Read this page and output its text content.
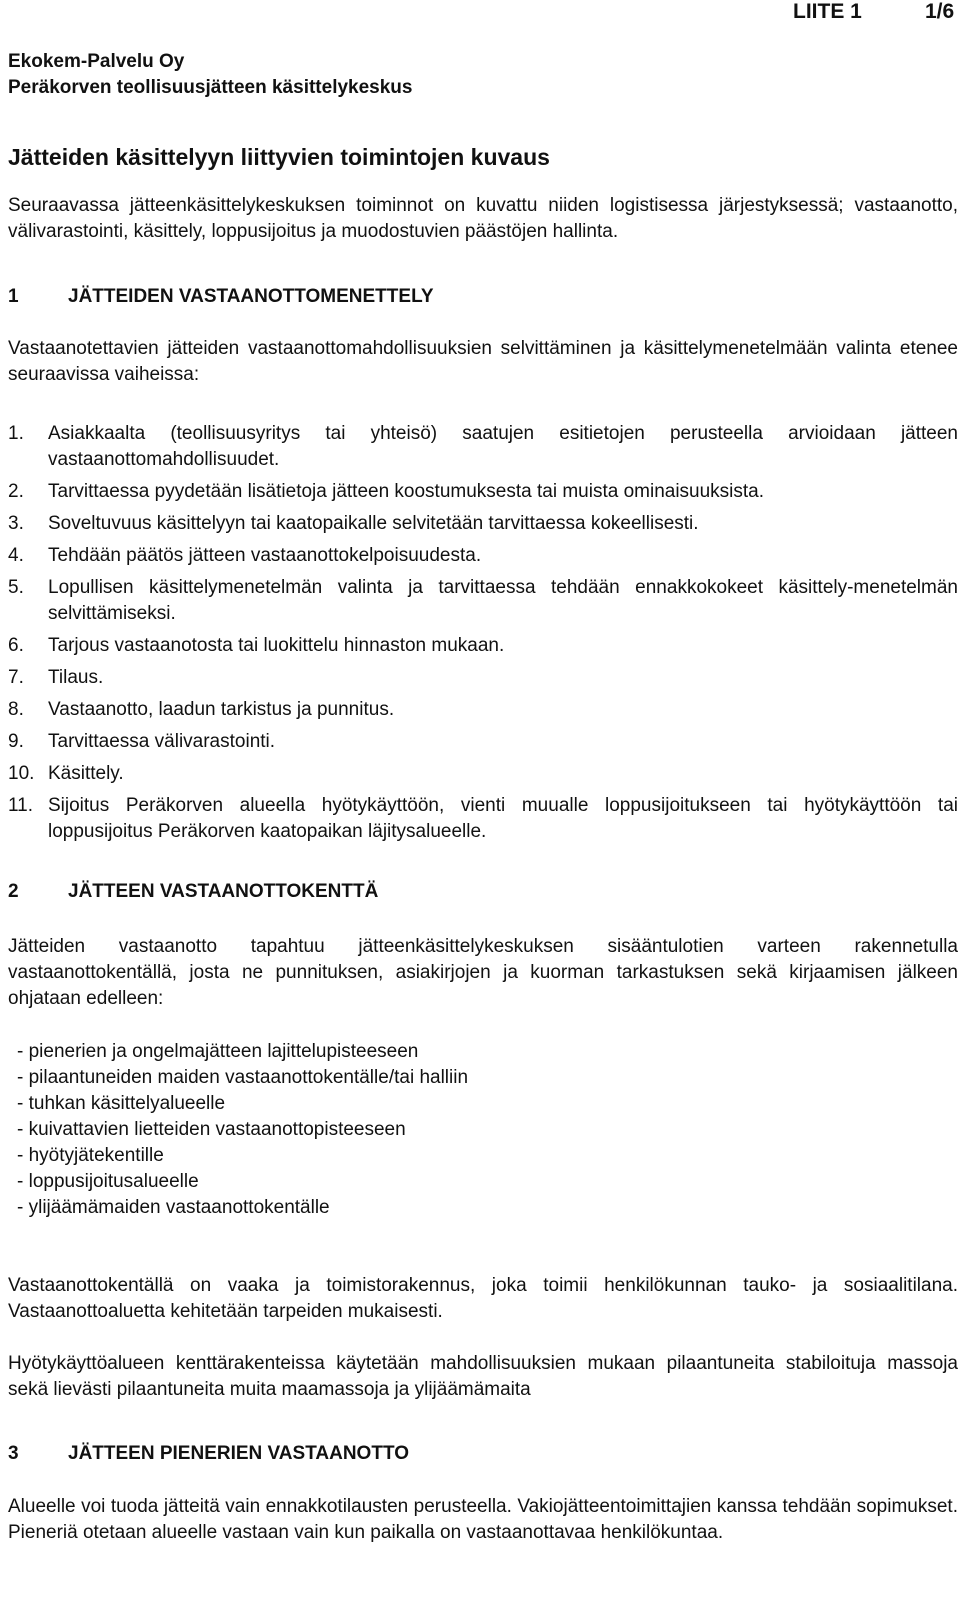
LIITE 1	1/6
Ekokem-Palvelu Oy
Peräkorven teollisuusjätteen käsittelykeskus
Jätteiden käsittelyyn liittyvien toimintojen kuvaus
Seuraavassa jätteenkäsittelykeskuksen toiminnot on kuvattu niiden logistisessa järjestyksessä; vastaanotto, välivarastointi, käsittely, loppusijoitus ja muodostuvien päästöjen hallinta.
1	JÄTTEIDEN VASTAANOTTOMENETTELY
Vastaanotettavien jätteiden vastaanottomahdollisuuksien selvittäminen ja käsittelymenetelmään valinta etenee seuraavissa vaiheissa:
1.	Asiakkaalta (teollisuusyritys tai yhteisö) saatujen esitietojen perusteella arvioidaan jätteen vastaanottomahdollisuudet.
2.	Tarvittaessa pyydetään lisätietoja jätteen koostumuksesta tai muista ominaisuuksista.
3.	Soveltuvuus käsittelyyn tai kaatopaikalle selvitetään tarvittaessa kokeellisesti.
4.	Tehdään päätös jätteen vastaanottokelpoisuudesta.
5.	Lopullisen käsittelymenetelmän valinta ja tarvittaessa tehdään ennakkokokeet käsittely-menetelmän selvittämiseksi.
6.	Tarjous vastaanotosta tai luokittelu hinnaston mukaan.
7.	Tilaus.
8.	Vastaanotto, laadun tarkistus ja punnitus.
9.	Tarvittaessa välivarastointi.
10. Käsittely.
11. Sijoitus Peräkorven alueella hyötykäyttöön, vienti muualle loppusijoitukseen tai hyötykäyttöön tai loppusijoitus Peräkorven kaatopaikan läjitysalueelle.
2	JÄTTEEN VASTAANOTTOKENTTÄ
Jätteiden vastaanotto tapahtuu jätteenkäsittelykeskuksen sisääntulotien varteen rakennetulla vastaanottokentällä, josta ne punnituksen, asiakirjojen ja kuorman tarkastuksen sekä kirjaamisen jälkeen ohjataan edelleen:
- pienerien ja ongelmajätteen lajittelupisteeseen
- pilaantuneiden maiden vastaanottokentälle/tai halliin
- tuhkan käsittelyalueelle
- kuivattavien lietteiden vastaanottopisteeseen
- hyötyjätekentille
- loppusijoitusalueelle
- ylijäämämaiden vastaanottokentälle
Vastaanottokentällä on vaaka ja toimistorakennus, joka toimii henkilökunnan tauko- ja sosiaalitilana. Vastaanottoaluetta kehitetään tarpeiden mukaisesti.
Hyötykäyttöalueen kenttärakenteissa käytetään mahdollisuuksien mukaan pilaantuneita stabiloituja massoja sekä lievästi pilaantuneita muita maamassoja ja ylijäämämaita
3	JÄTTEEN PIENERIEN VASTAANOTTO
Alueelle voi tuoda jätteitä vain ennakkotilausten perusteella. Vakiojätteentoimittajien kanssa tehdään sopimukset. Pieneriä otetaan alueelle vastaan vain kun paikalla on vastaanottavaa henkilökuntaa.
